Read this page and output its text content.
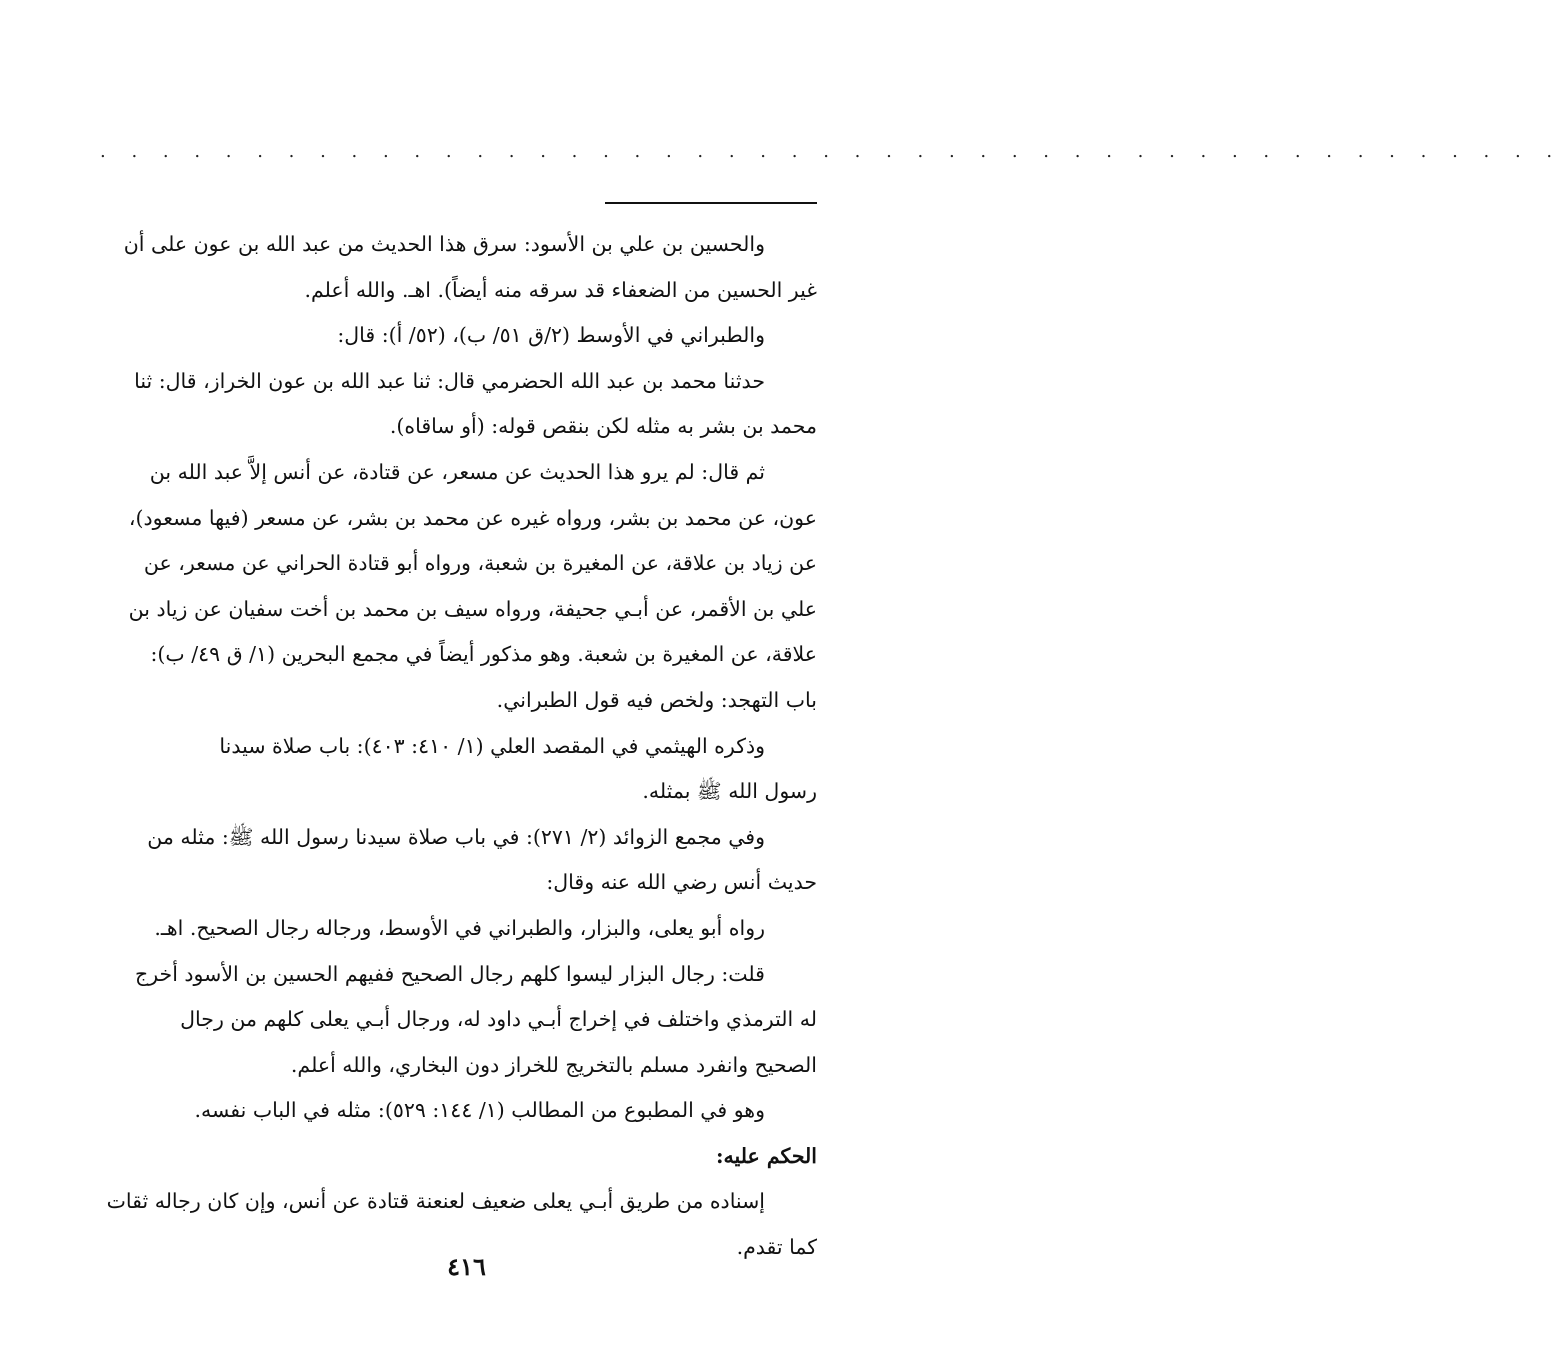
. . . . . . . . . . . . . . . . . . . . . . . . . . . . . . . . . . . . . . . . . . . . . . .
والحسين بن علي بن الأسود: سرق هذا الحديث من عبد الله بن عون على أن
غير الحسين من الضعفاء قد سرقه منه أيضاً). اهـ. والله أعلم.
والطبراني في الأوسط (٢/ق ٥١/ ب)، (٥٢/ أ): قال:
حدثنا محمد بن عبد الله الحضرمي قال: ثنا عبد الله بن عون الخراز، قال: ثنا
محمد بن بشر به مثله لكن بنقص قوله: (أو ساقاه).
ثم قال: لم يرو هذا الحديث عن مسعر، عن قتادة، عن أنس إلاَّ عبد الله بن
عون، عن محمد بن بشر، ورواه غيره عن محمد بن بشر، عن مسعر (فيها مسعود)،
عن زياد بن علاقة، عن المغيرة بن شعبة، ورواه أبو قتادة الحراني عن مسعر، عن
علي بن الأقمر، عن أبـي جحيفة، ورواه سيف بن محمد بن أخت سفيان عن زياد بن
علاقة، عن المغيرة بن شعبة. وهو مذكور أيضاً في مجمع البحرين (١/ ق ٤٩/ ب):
باب التهجد: ولخص فيه قول الطبراني.
وذكره الهيثمي في المقصد العلي (١/ ٤١٠: ٤٠٣): باب صلاة سيدنا
رسول الله ﷺ بمثله.
وفي مجمع الزوائد (٢/ ٢٧١): في باب صلاة سيدنا رسول الله ﷺ: مثله من
حديث أنس رضي الله عنه وقال:
رواه أبو يعلى، والبزار، والطبراني في الأوسط، ورجاله رجال الصحيح. اهـ.
قلت: رجال البزار ليسوا كلهم رجال الصحيح ففيهم الحسين بن الأسود أخرج
له الترمذي واختلف في إخراج أبـي داود له، ورجال أبـي يعلى كلهم من رجال
الصحيح وانفرد مسلم بالتخريج للخراز دون البخاري، والله أعلم.
وهو في المطبوع من المطالب (١/ ١٤٤: ٥٢٩): مثله في الباب نفسه.
الحكم عليه:
إسناده من طريق أبـي يعلى ضعيف لعنعنة قتادة عن أنس، وإن كان رجاله ثقات
كما تقدم.
٤١٦
